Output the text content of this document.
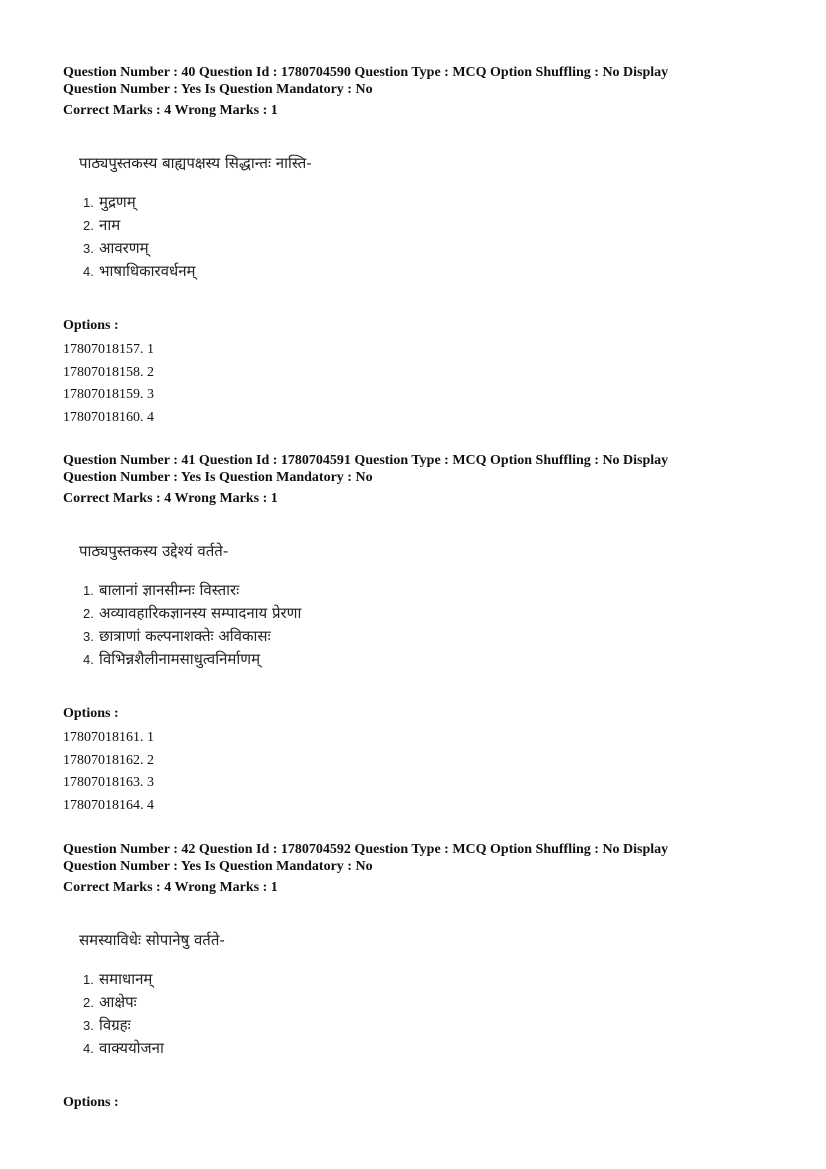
Question Number : 40 Question Id : 1780704590 Question Type : MCQ Option Shuffling : No Display
Question Number : Yes Is Question Mandatory : No
Correct Marks : 4 Wrong Marks : 1
पाठ्यपुस्तकस्य बाह्यपक्षस्य सिद्धान्तः नास्ति-
1. मुद्रणम्
2. नाम
3. आवरणम्
4. भाषाधिकारवर्धनम्
Options :
17807018157. 1
17807018158. 2
17807018159. 3
17807018160. 4
Question Number : 41 Question Id : 1780704591 Question Type : MCQ Option Shuffling : No Display
Question Number : Yes Is Question Mandatory : No
Correct Marks : 4 Wrong Marks : 1
पाठ्यपुस्तकस्य उद्देश्यं वर्तते-
1. बालानां ज्ञानसीम्नः विस्तारः
2. अव्यावहारिकज्ञानस्य सम्पादनाय प्रेरणा
3. छात्राणां कल्पनाशक्तेः अविकासः
4. विभिन्नशैलीनामसाधुत्वनिर्माणम्
Options :
17807018161. 1
17807018162. 2
17807018163. 3
17807018164. 4
Question Number : 42 Question Id : 1780704592 Question Type : MCQ Option Shuffling : No Display
Question Number : Yes Is Question Mandatory : No
Correct Marks : 4 Wrong Marks : 1
समस्याविधेः सोपानेषु वर्तते-
1. समाधानम्
2. आक्षेपः
3. विग्रहः
4. वाक्ययोजना
Options :
